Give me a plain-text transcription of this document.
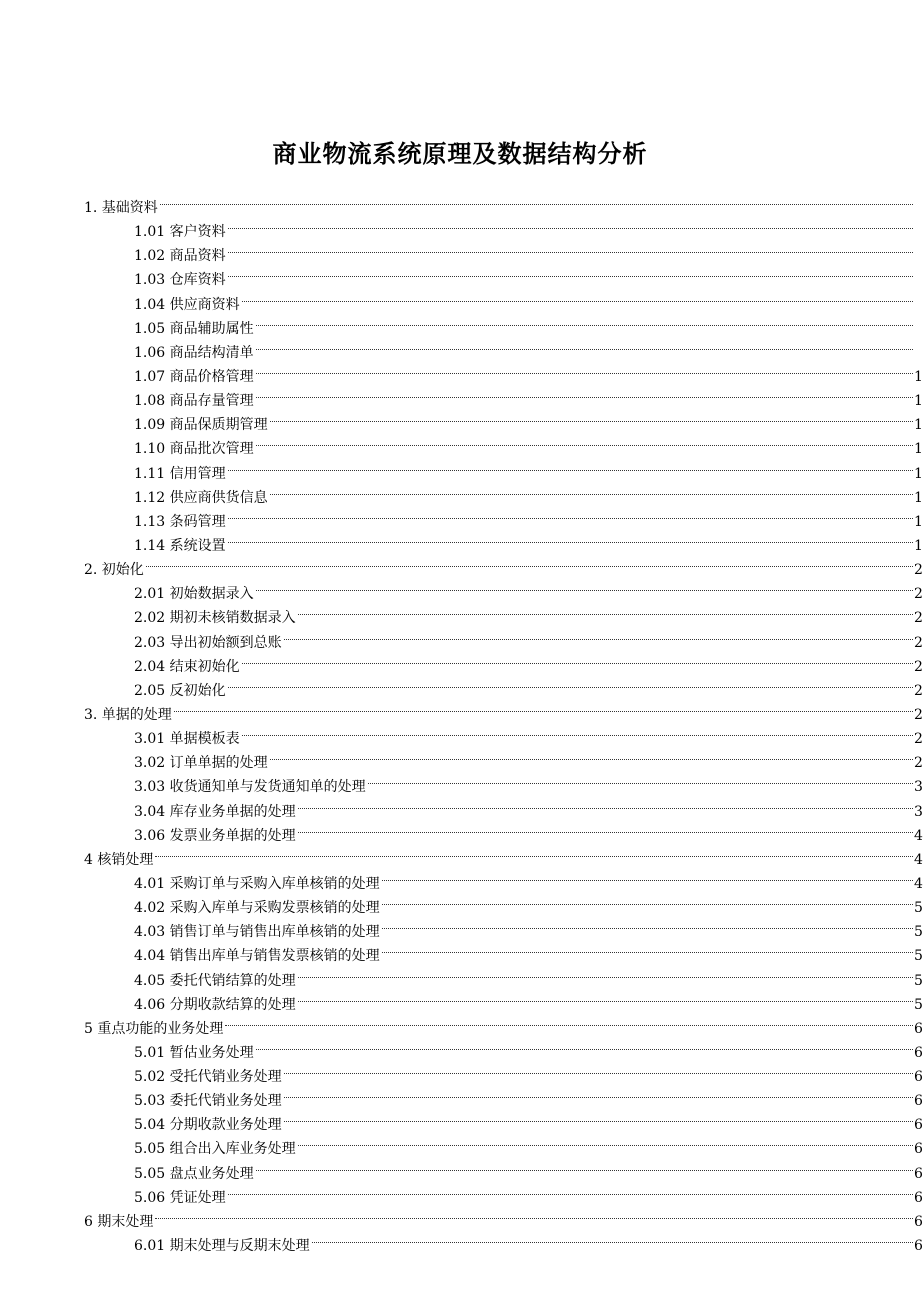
商业物流系统原理及数据结构分析
1. 基础资料
1.01 客户资料
1.02 商品资料
1.03 仓库资料
1.04 供应商资料
1.05 商品辅助属性
1.06 商品结构清单
1.07 商品价格管理	1
1.08 商品存量管理	1
1.09 商品保质期管理	1
1.10 商品批次管理	1
1.11 信用管理	1
1.12 供应商供货信息	1
1.13 条码管理	1
1.14 系统设置	1
2. 初始化	2
2.01 初始数据录入	2
2.02 期初未核销数据录入	2
2.03 导出初始额到总账	2
2.04 结束初始化	2
2.05 反初始化	2
3. 单据的处理	2
3.01 单据模板表	2
3.02 订单单据的处理	2
3.03 收货通知单与发货通知单的处理	3
3.04 库存业务单据的处理	3
3.06 发票业务单据的处理	4
4 核销处理	4
4.01 采购订单与采购入库单核销的处理	4
4.02 采购入库单与采购发票核销的处理	5
4.03 销售订单与销售出库单核销的处理	5
4.04 销售出库单与销售发票核销的处理	5
4.05 委托代销结算的处理	5
4.06 分期收款结算的处理	5
5 重点功能的业务处理	6
5.01 暂估业务处理	6
5.02 受托代销业务处理	6
5.03 委托代销业务处理	6
5.04 分期收款业务处理	6
5.05 组合出入库业务处理	6
5.05 盘点业务处理	6
5.06 凭证处理	6
6 期末处理	6
6.01 期末处理与反期末处理	6
